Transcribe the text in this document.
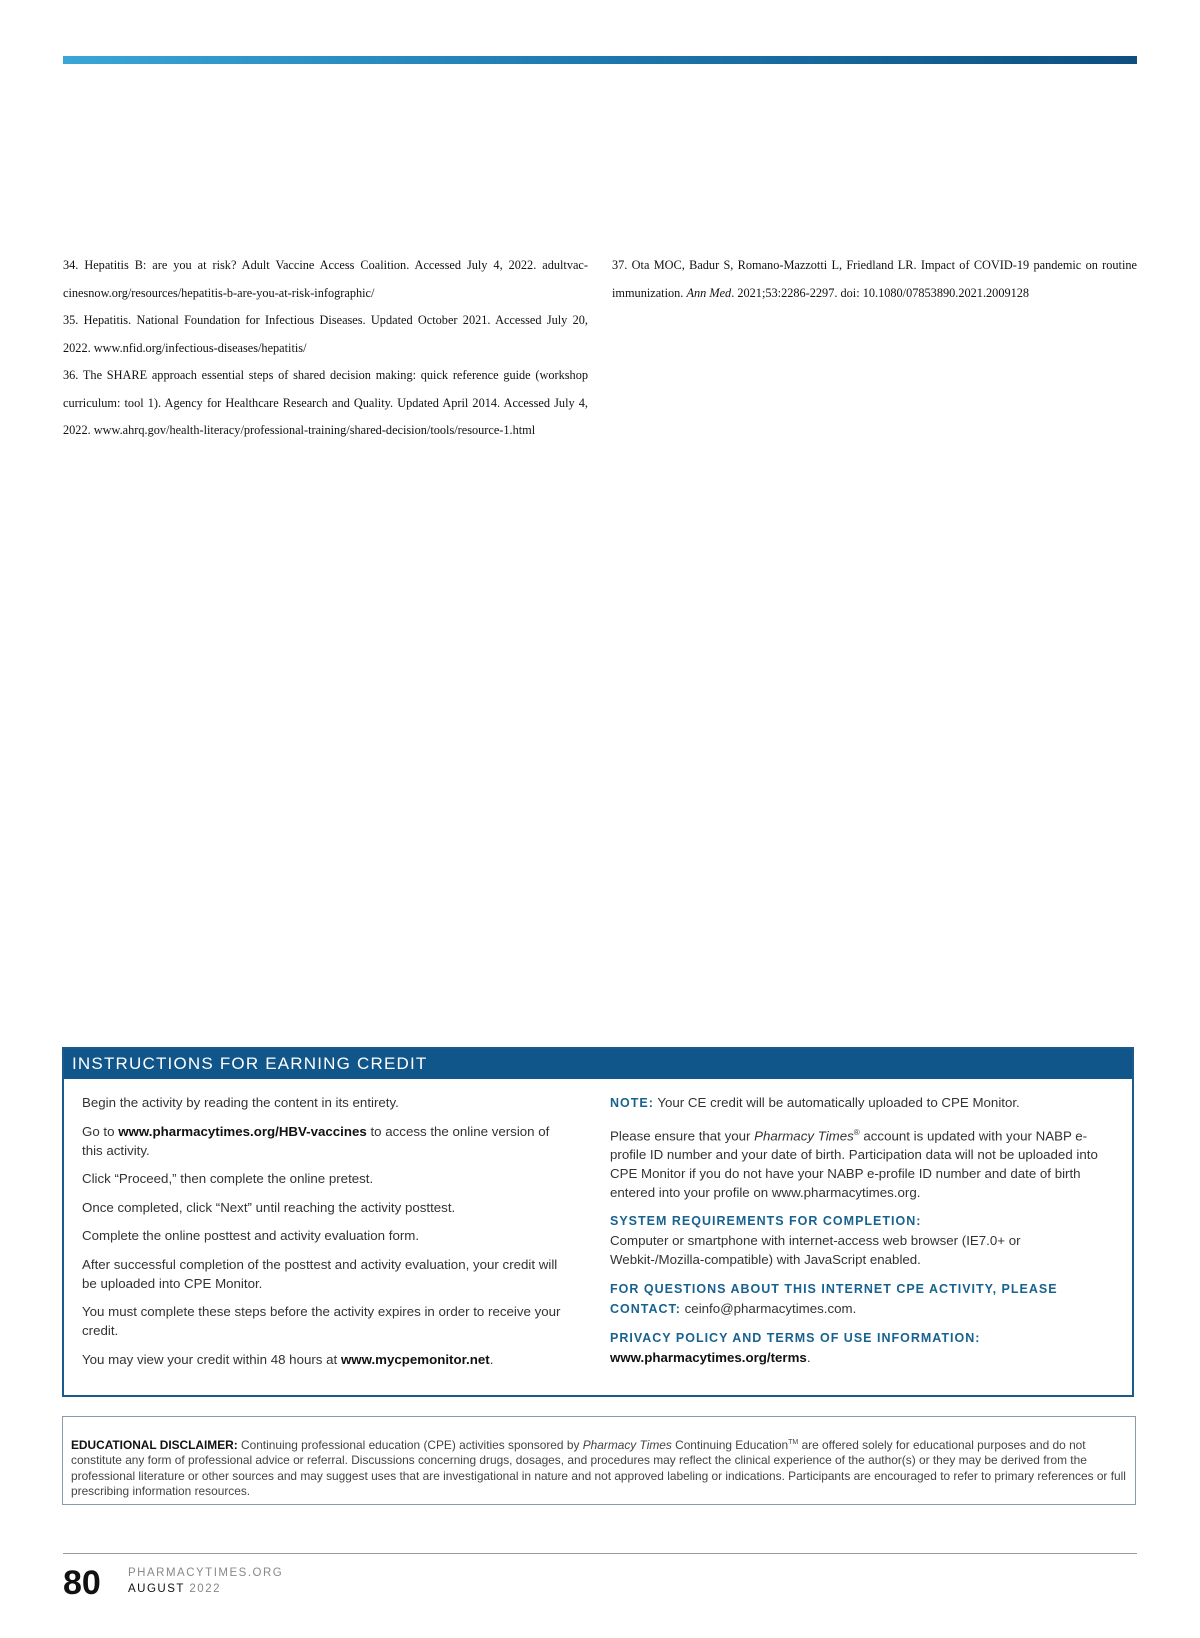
34. Hepatitis B: are you at risk? Adult Vaccine Access Coalition. Accessed July 4, 2022. adultvaccinesnow.org/resources/hepatitis-b-are-you-at-risk-infographic/

35. Hepatitis. National Foundation for Infectious Diseases. Updated October 2021. Accessed July 20, 2022. www.nfid.org/infectious-diseases/hepatitis/

36. The SHARE approach essential steps of shared decision making: quick reference guide (workshop curriculum: tool 1). Agency for Healthcare Research and Quality. Updated April 2014. Accessed July 4, 2022. www.ahrq.gov/health-literacy/professional-training/shared-decision/tools/resource-1.html

37. Ota MOC, Badur S, Romano-Mazzotti L, Friedland LR. Impact of COVID-19 pandemic on routine immunization. Ann Med. 2021;53:2286-2297. doi: 10.1080/07853890.2021.2009128

INSTRUCTIONS FOR EARNING CREDIT

Begin the activity by reading the content in its entirety.

Go to www.pharmacytimes.org/HBV-vaccines to access the online version of this activity.

Click “Proceed,” then complete the online pretest.

Once completed, click “Next” until reaching the activity posttest.

Complete the online posttest and activity evaluation form.

After successful completion of the posttest and activity evaluation, your credit will be uploaded into CPE Monitor.

You must complete these steps before the activity expires in order to receive your credit.

You may view your credit within 48 hours at www.mycpemonitor.net.

NOTE: Your CE credit will be automatically uploaded to CPE Monitor.

Please ensure that your Pharmacy Times® account is updated with your NABP e-profile ID number and your date of birth. Participation data will not be uploaded into CPE Monitor if you do not have your NABP e-profile ID number and date of birth entered into your profile on www.pharmacytimes.org.

SYSTEM REQUIREMENTS FOR COMPLETION:
Computer or smartphone with internet-access web browser (IE7.0+ or Webkit-/Mozilla-compatible) with JavaScript enabled.

FOR QUESTIONS ABOUT THIS INTERNET CPE ACTIVITY, PLEASE CONTACT: ceinfo@pharmacytimes.com.

PRIVACY POLICY AND TERMS OF USE INFORMATION:
www.pharmacytimes.org/terms.

EDUCATIONAL DISCLAIMER: Continuing professional education (CPE) activities sponsored by Pharmacy Times Continuing Education™ are offered solely for educational purposes and do not constitute any form of professional advice or referral. Discussions concerning drugs, dosages, and procedures may reflect the clinical experience of the author(s) or they may be derived from the professional literature or other sources and may suggest uses that are investigational in nature and not approved labeling or indications. Participants are encouraged to refer to primary references or full prescribing information resources.
80 PHARMACYTIMES.ORG
AUGUST 2022
